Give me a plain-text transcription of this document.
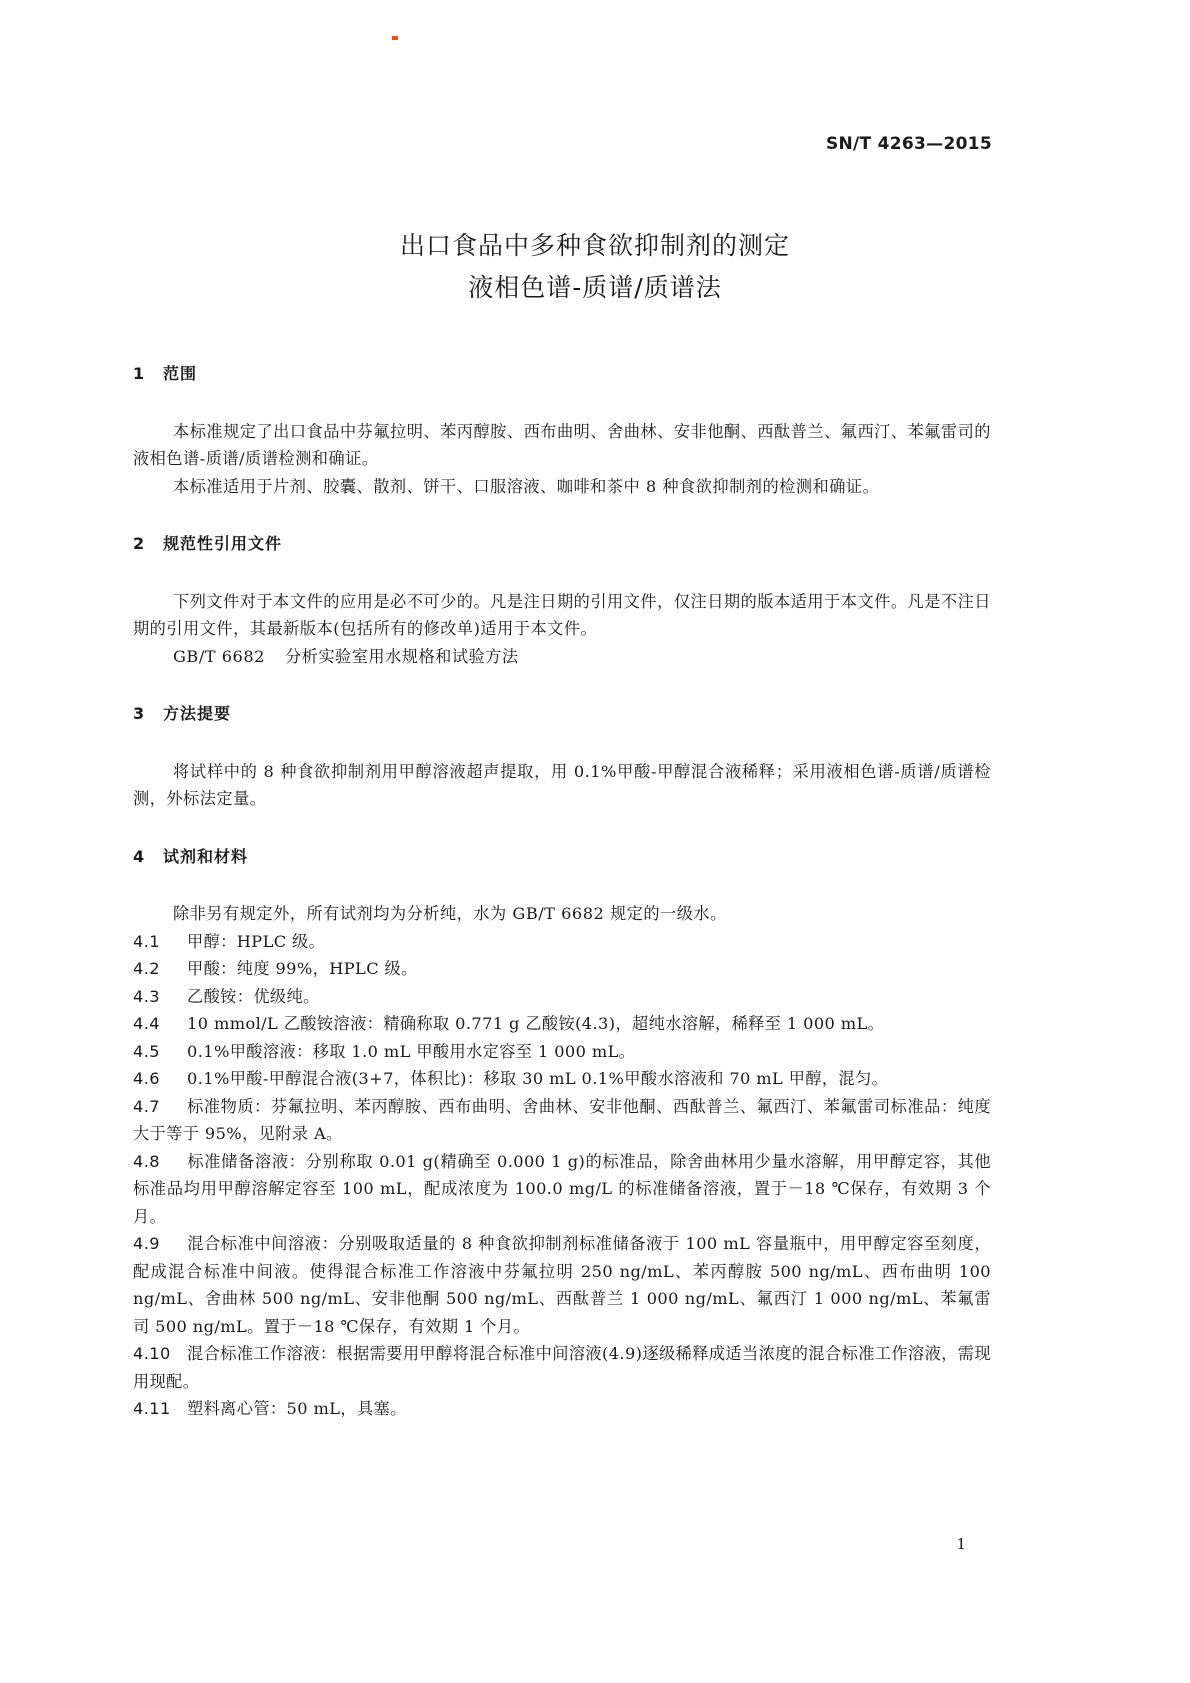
SN/T 4263—2015
出口食品中多种食欲抑制剂的测定
液相色谱-质谱/质谱法
1 范围

本标准规定了出口食品中芬氟拉明、苯丙醇胺、西布曲明、舍曲林、安非他酮、西酞普兰、氟西汀、苯氟雷司的液相色谱-质谱/质谱检测和确证。

本标准适用于片剂、胶囊、散剂、饼干、口服溶液、咖啡和茶中 8 种食欲抑制剂的检测和确证。

2 规范性引用文件

下列文件对于本文件的应用是必不可少的。凡是注日期的引用文件，仅注日期的版本适用于本文件。凡是不注日期的引用文件，其最新版本(包括所有的修改单)适用于本文件。

GB/T 6682 分析实验室用水规格和试验方法

3 方法提要

将试样中的 8 种食欲抑制剂用甲醇溶液超声提取，用 0.1%甲酸-甲醇混合液稀释；采用液相色谱-质谱/质谱检测，外标法定量。

4 试剂和材料

除非另有规定外，所有试剂均为分析纯，水为 GB/T 6682 规定的一级水。

4.1 甲醇：HPLC 级。

4.2 甲酸：纯度 99%，HPLC 级。

4.3 乙酸铵：优级纯。

4.4 10 mmol/L 乙酸铵溶液：精确称取 0.771 g 乙酸铵(4.3)，超纯水溶解，稀释至 1 000 mL。

4.5 0.1%甲酸溶液：移取 1.0 mL 甲酸用水定容至 1 000 mL。

4.6 0.1%甲酸-甲醇混合液(3+7，体积比)：移取 30 mL 0.1%甲酸水溶液和 70 mL 甲醇，混匀。

4.7 标准物质：芬氟拉明、苯丙醇胺、西布曲明、舍曲林、安非他酮、西酞普兰、氟西汀、苯氟雷司标准品：纯度大于等于 95%，见附录 A。

4.8 标准储备溶液：分别称取 0.01 g(精确至 0.000 1 g)的标准品，除舍曲林用少量水溶解，用甲醇定容，其他标准品均用甲醇溶解定容至 100 mL，配成浓度为 100.0 mg/L 的标准储备溶液，置于－18 ℃保存，有效期 3 个月。

4.9 混合标准中间溶液：分别吸取适量的 8 种食欲抑制剂标准储备液于 100 mL 容量瓶中，用甲醇定容至刻度，配成混合标准中间液。使得混合标准工作溶液中芬氟拉明 250 ng/mL、苯丙醇胺 500 ng/mL、西布曲明 100 ng/mL、舍曲林 500 ng/mL、安非他酮 500 ng/mL、西酞普兰 1 000 ng/mL、氟西汀 1 000 ng/mL、苯氟雷司 500 ng/mL。置于－18 ℃保存，有效期 1 个月。

4.10 混合标准工作溶液：根据需要用甲醇将混合标准中间溶液(4.9)逐级稀释成适当浓度的混合标准工作溶液，需现用现配。

4.11 塑料离心管：50 mL，具塞。

1
